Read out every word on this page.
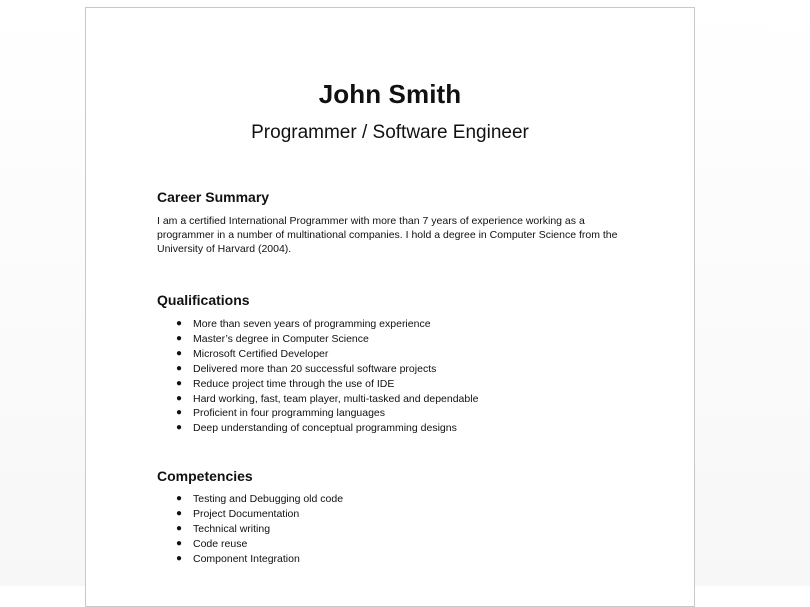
John Smith
Programmer / Software Engineer
Career Summary

I am a certified International Programmer with more than 7 years of experience working as a programmer in a number of multinational companies. I hold a degree in Computer Science from the University of Harvard (2004).

Qualifications
● More than seven years of programming experience
● Master’s degree in Computer Science
● Microsoft Certified Developer
● Delivered more than 20 successful software projects
● Reduce project time through the use of IDE
● Hard working, fast, team player, multi-tasked and dependable
● Proficient in four programming languages
● Deep understanding of conceptual programming designs
Competencies
● Testing and Debugging old code
● Project Documentation
● Technical writing
● Code reuse
● Component Integration
